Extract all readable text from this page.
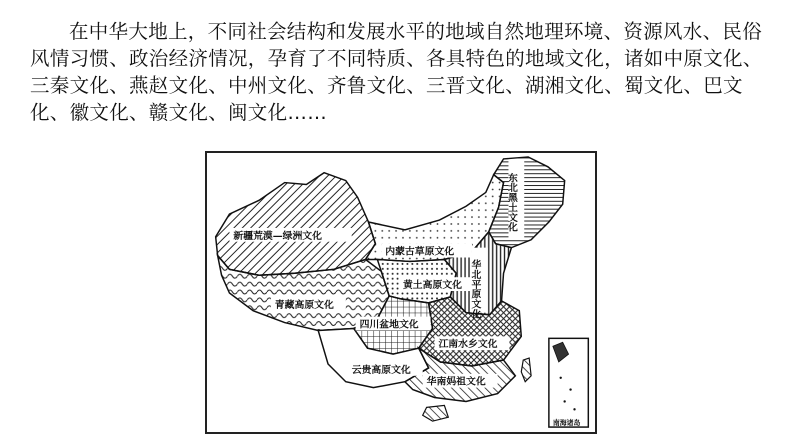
在中华大地上，不同社会结构和发展水平的地域自然地理环境、资源风水、民俗风情习惯、政治经济情况，孕育了不同特质、各具特色的地域文化，诸如中原文化、三秦文化、燕赵文化、中州文化、齐鲁文化、三晋文化、湖湘文化、蜀文化、巴文化、徽文化、赣文化、闽文化……
新疆荒漠—绿洲文化
内蒙古草原文化
黄土高原文化
青藏高原文化
四川盆地文化
江南水乡文化
云贵高原文化
华南妈祖文化
东北黑土文化
华北平原文化
南海诸岛
